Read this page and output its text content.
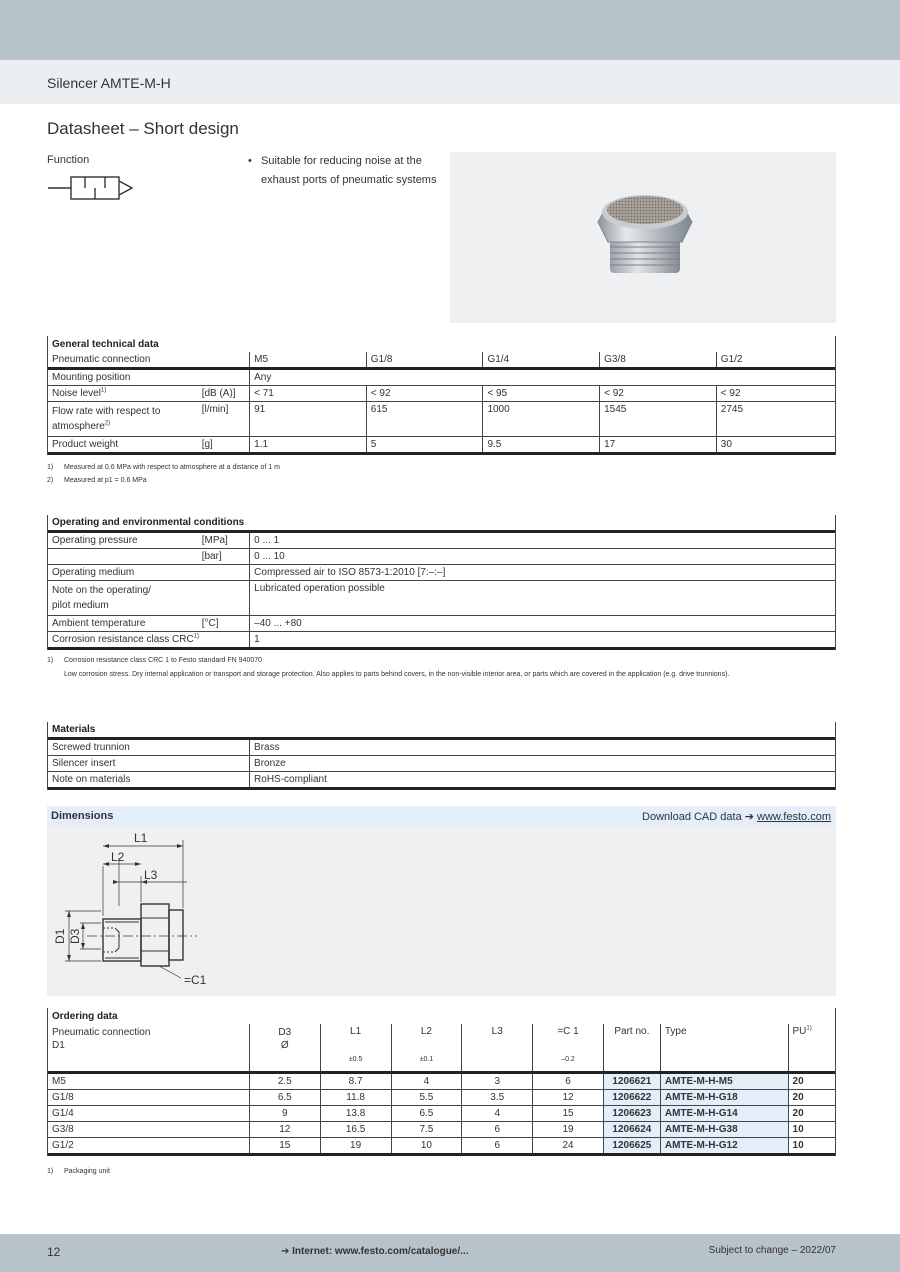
Silencer AMTE-M-H
Datasheet – Short design
Function	• Suitable for reducing noise at the exhaust ports of pneumatic systems
General technical data						
Pneumatic connection		M5	G1/8	G1/4	G3/8	G1/2
Mounting position		Any				
Noise level$^{1)}$	[dB (A)]	< 71	< 92	< 95	< 92	< 92
Flow rate with respect to
atmosphere$^{2)}$	[l/min]	91	615	1000	1545	2745
Product weight	[g]	1.1	5	9.5	17	30
1) Measured at 0.6 MPa with respect to atmosphere at a distance of 1 m
2) Measured at p1 = 0.6 MPa
Operating and environmental conditions		
Operating pressure	[MPa]	0 ... 1
	[bar]	0 ... 10
Operating medium		Compressed air to ISO 8573-1:2010 [7:–:–]
Note on the operating/
pilot medium		Lubricated operation possible
Ambient temperature	[°C]	–40 ... +80
Corrosion resistance class CRC$^{1)}$		1
1) Corrosion resistance class CRC 1 to Festo standard FN 940070
Low corrosion stress. Dry internal application or transport and storage protection. Also applies to parts behind covers, in the non-visible interior area, or parts which are covered in the application (e.g. drive trunnions).
Materials	
Screwed trunnion	Brass
Silencer insert	Bronze
Note on materials	RoHS-compliant
Dimensions	Download CAD data ➔ www.festo.com
L1
L2
L3
D1 D3
=C1
Ordering data								
Pneumatic connection
D1	D3
Ø	L1	L2	L3	=C 1	Part no.	Type	PU$^{1)}$
		±0.5	±0.1		–0.2			
M5	2.5	8.7	4	3	6	1206621	AMTE-M-H-M5	20
G1/8	6.5	11.8	5.5	3.5	12	1206622	AMTE-M-H-G18	20
G1/4	9	13.8	6.5	4	15	1206623	AMTE-M-H-G14	20
G3/8	12	16.5	7.5	6	19	1206624	AMTE-M-H-G38	10
G1/2	15	19	10	6	24	1206625	AMTE-M-H-G12	10
1) Packaging unit
12	➔ Internet: www.festo.com/catalogue/...	Subject to change – 2022/07
